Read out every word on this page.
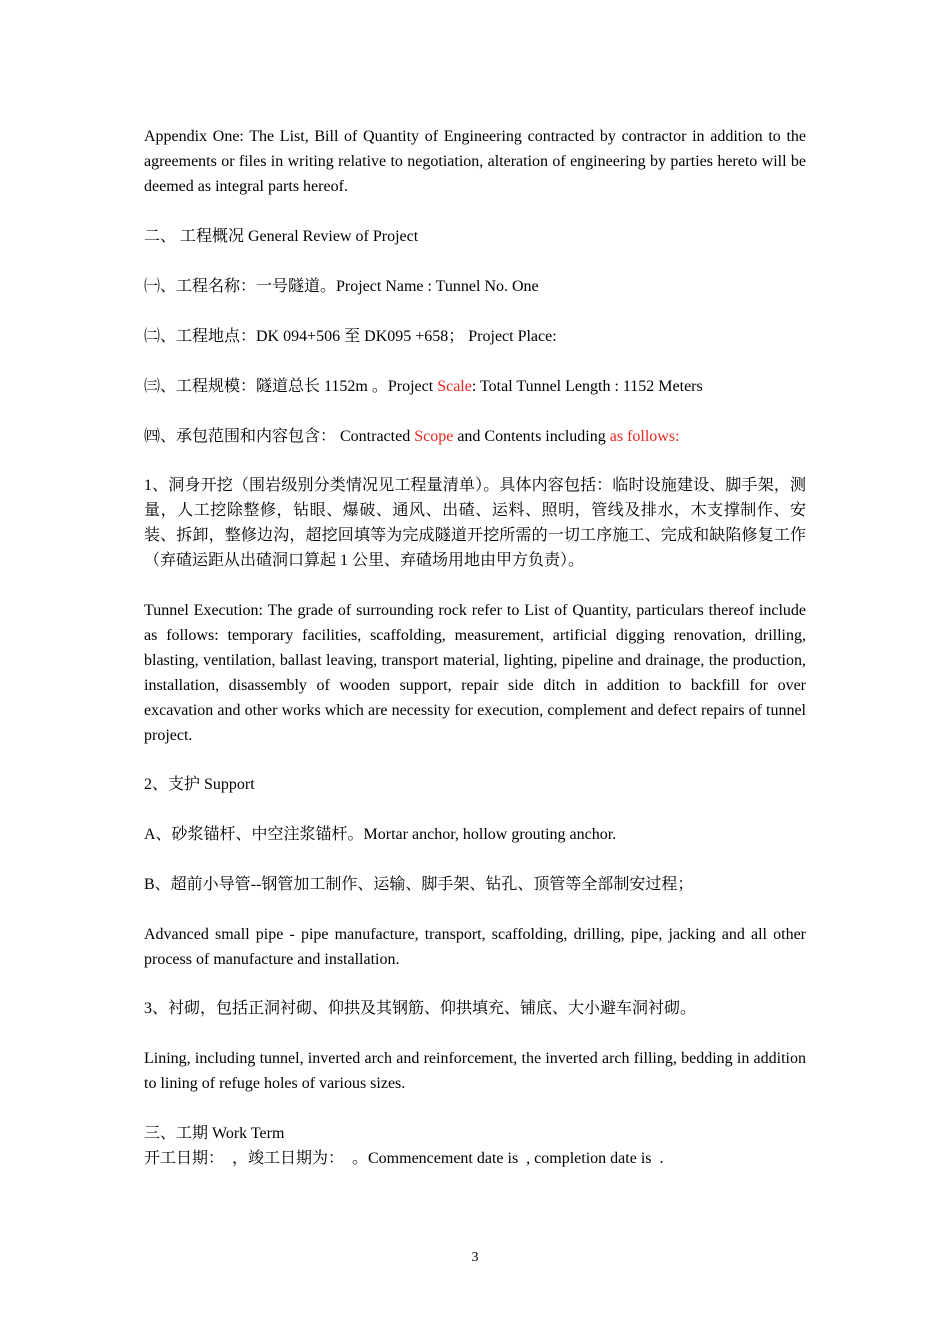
Appendix One: The List, Bill of Quantity of Engineering contracted by contractor in addition to the agreements or files in writing relative to negotiation, alteration of engineering by parties hereto will be deemed as integral parts hereof.

二、 工程概况 General Review of Project

㈠、工程名称：一号隧道。Project Name : Tunnel No. One

㈡、工程地点：DK 094+506 至 DK095 +658； Project Place:

㈢、工程规模：隧道总长 1152m 。Project Scale: Total Tunnel Length : 1152 Meters

㈣、承包范围和内容包含： Contracted Scope and Contents including as follows:

1、洞身开挖（围岩级别分类情况见工程量清单）。具体内容包括：临时设施建设、脚手架，测量，人工挖除整修，钻眼、爆破、通风、出碴、运料、照明，管线及排水，木支撑制作、安装、拆卸，整修边沟，超挖回填等为完成隧道开挖所需的一切工序施工、完成和缺陷修复工作（弃碴运距从出碴洞口算起 1 公里、弃碴场用地由甲方负责）。

Tunnel Execution: The grade of surrounding rock refer to List of Quantity, particulars thereof include as follows: temporary facilities, scaffolding, measurement, artificial digging renovation, drilling, blasting, ventilation, ballast leaving, transport material, lighting, pipeline and drainage, the production, installation, disassembly of wooden support, repair side ditch in addition to backfill for over excavation and other works which are necessity for execution, complement and defect repairs of tunnel project.

2、支护 Support

A、砂浆锚杆、中空注浆锚杆。Mortar anchor, hollow grouting anchor.

B、超前小导管--钢管加工制作、运输、脚手架、钻孔、顶管等全部制安过程；

Advanced small pipe - pipe manufacture, transport, scaffolding, drilling, pipe, jacking and all other process of manufacture and installation.

3、衬砌，包括正洞衬砌、仰拱及其钢筋、仰拱填充、铺底、大小避车洞衬砌。

Lining, including tunnel, inverted arch and reinforcement, the inverted arch filling, bedding in addition to lining of refuge holes of various sizes.

三、工期 Work Term

开工日期：  ，竣工日期为：  。Commencement date is  , completion date is  .

3
